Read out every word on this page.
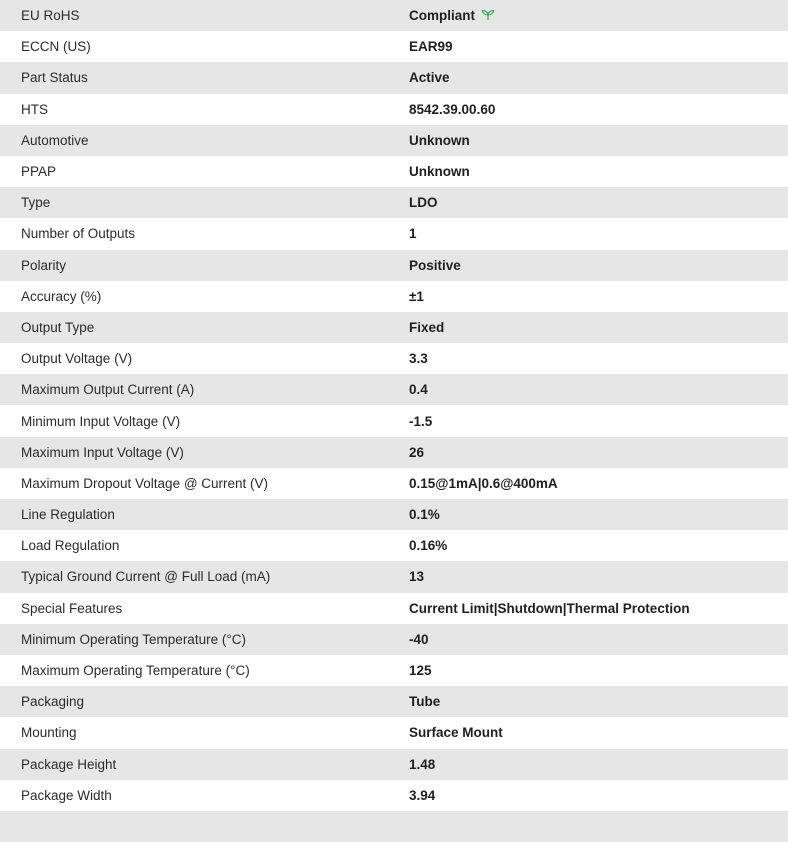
EU RoHS	Compliant
ECCN (US)	EAR99
Part Status	Active
HTS	8542.39.00.60
Automotive	Unknown
PPAP	Unknown
Type	LDO
Number of Outputs	1
Polarity	Positive
Accuracy (%)	±1
Output Type	Fixed
Output Voltage (V)	3.3
Maximum Output Current (A)	0.4
Minimum Input Voltage (V)	-1.5
Maximum Input Voltage (V)	26
Maximum Dropout Voltage @ Current (V)	0.15@1mA|0.6@400mA
Line Regulation	0.1%
Load Regulation	0.16%
Typical Ground Current @ Full Load (mA)	13
Special Features	Current Limit|Shutdown|Thermal Protection
Minimum Operating Temperature (°C)	-40
Maximum Operating Temperature (°C)	125
Packaging	Tube
Mounting	Surface Mount
Package Height	1.48
Package Width	3.94
